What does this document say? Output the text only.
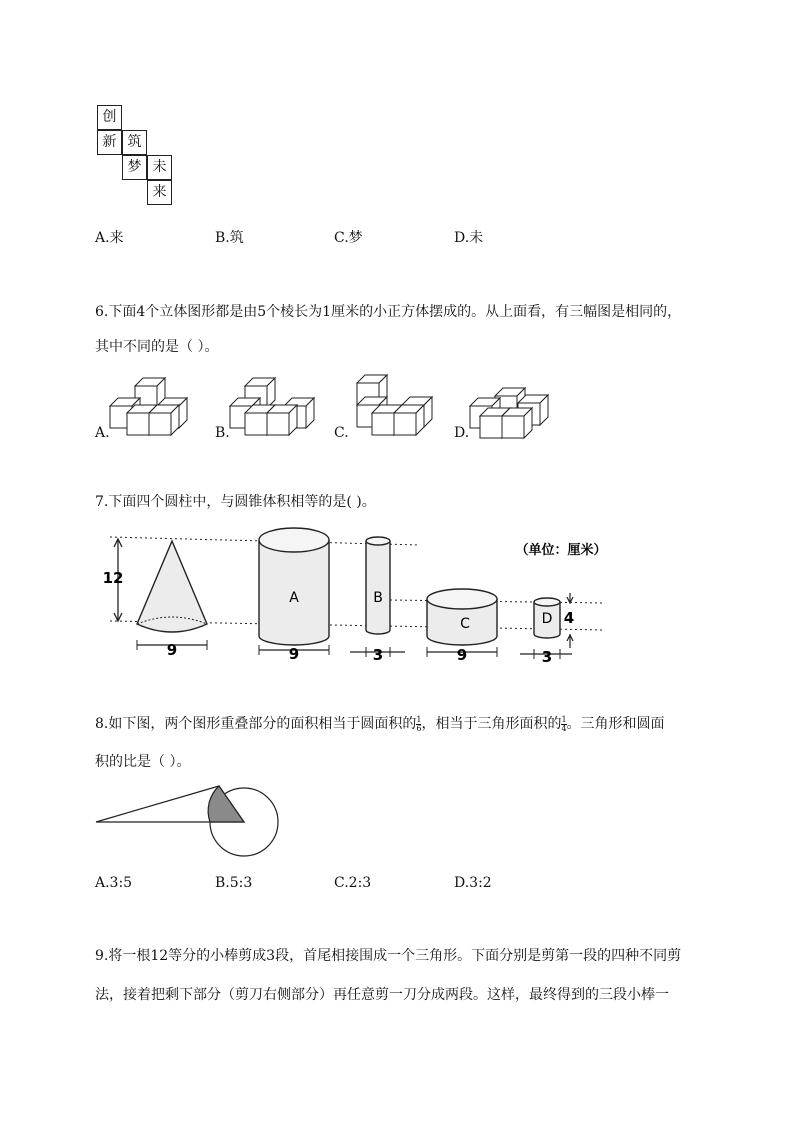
创
新 筑
梦 未
来
A.来	B.筑	C.梦	D.未
6.下面4个立体图形都是由5个棱长为1厘米的小正方体摆成的。从上面看，有三幅图是相同的，
其中不同的是（ ）。
A.	B.	C.	D.
12
9
A
9
B
3
C
9
D
3
4
（单位：厘米）
7.下面四个圆柱中，与圆锥体积相等的是( )。
8.如下图，两个图形重叠部分的面积相当于圆面积的 $\frac{1}{6}$ ，相当于三角形面积的 $\frac{1}{4}$ 。三角形和圆面
积的比是（ ）。
A.3:5	B.5:3	C.2:3	D.3:2
9.将一根12等分的小棒剪成3段，首尾相接围成一个三角形。下面分别是剪第一段的四种不同剪
法，接着把剩下部分（剪刀右侧部分）再任意剪一刀分成两段。这样，最终得到的三段小棒一
